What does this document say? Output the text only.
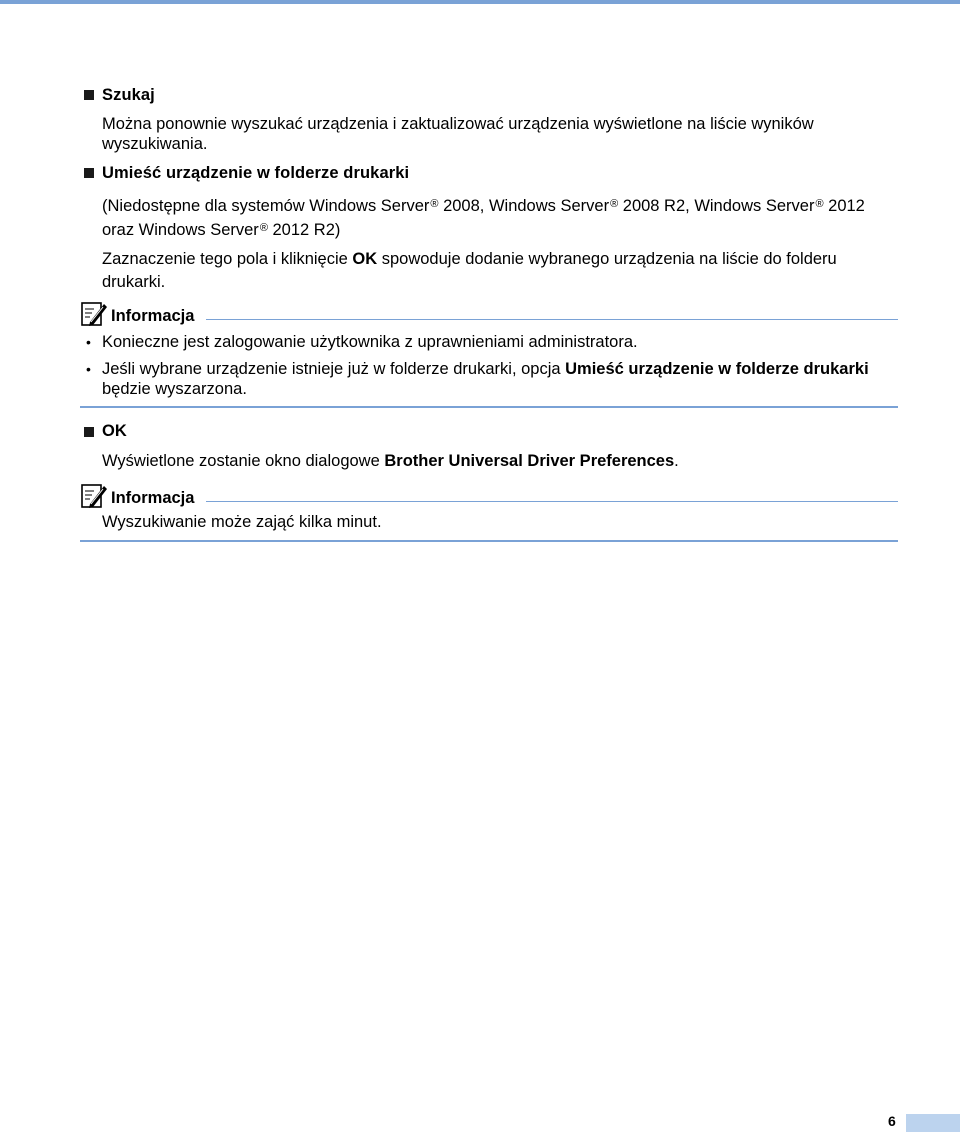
Szukaj
Można ponownie wyszukać urządzenia i zaktualizować urządzenia wyświetlone na liście wyników
wyszukiwania.
Umieść urządzenie w folderze drukarki
(Niedostępne dla systemów Windows Server® 2008, Windows Server® 2008 R2, Windows Server® 2012
oraz Windows Server® 2012 R2)
Zaznaczenie tego pola i kliknięcie OK spowoduje dodanie wybranego urządzenia na liście do folderu
drukarki.
Informacja
• Konieczne jest zalogowanie użytkownika z uprawnieniami administratora.
• Jeśli wybrane urządzenie istnieje już w folderze drukarki, opcja Umieść urządzenie w folderze drukarki
będzie wyszarzona.
OK
Wyświetlone zostanie okno dialogowe Brother Universal Driver Preferences.
Informacja
Wyszukiwanie może zająć kilka minut.
6
